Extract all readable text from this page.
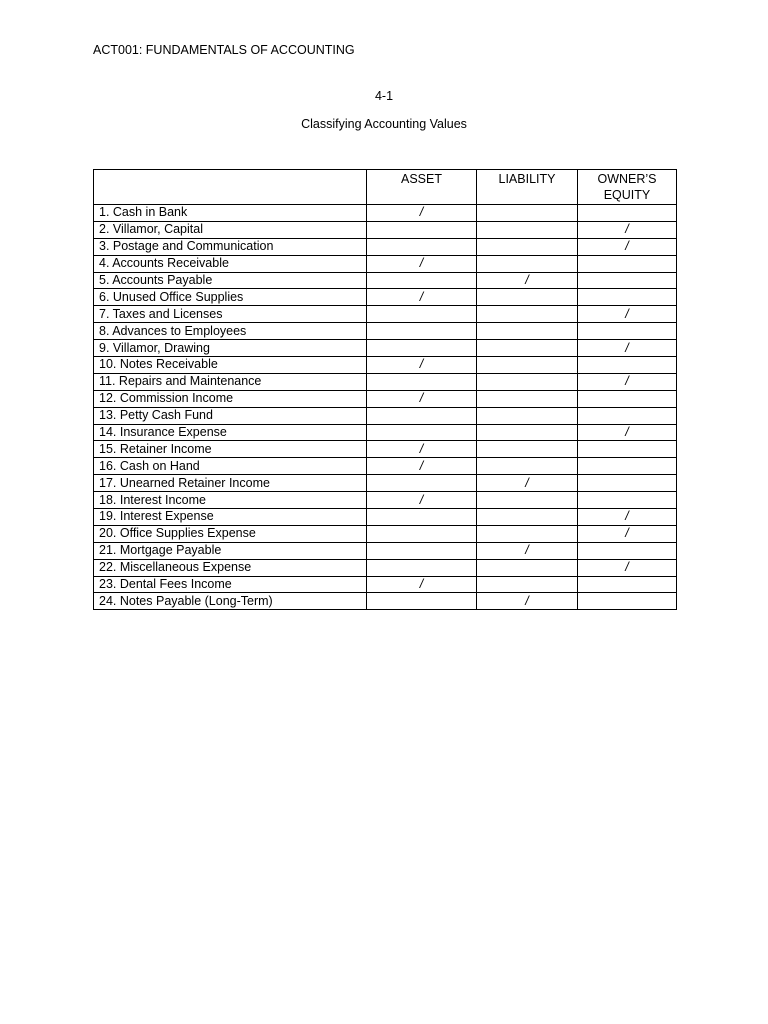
ACT001: FUNDAMENTALS OF ACCOUNTING
4-1
Classifying Accounting Values
	ASSET	LIABILITY	OWNER’S EQUITY
1. Cash in Bank	/		
2. Villamor, Capital			/
3. Postage and Communication			/
4. Accounts Receivable	/		
5. Accounts Payable		/	
6. Unused Office Supplies	/		
7. Taxes and Licenses			/
8. Advances to Employees			
9. Villamor, Drawing			/
10. Notes Receivable	/		
11. Repairs and Maintenance			/
12. Commission Income	/		
13. Petty Cash Fund			
14. Insurance Expense			/
15. Retainer Income	/		
16. Cash on Hand	/		
17. Unearned Retainer Income		/	
18. Interest Income	/		
19. Interest Expense			/
20. Office Supplies Expense			/
21. Mortgage Payable		/	
22. Miscellaneous Expense			/
23. Dental Fees Income	/		
24. Notes Payable (Long-Term)		/	
